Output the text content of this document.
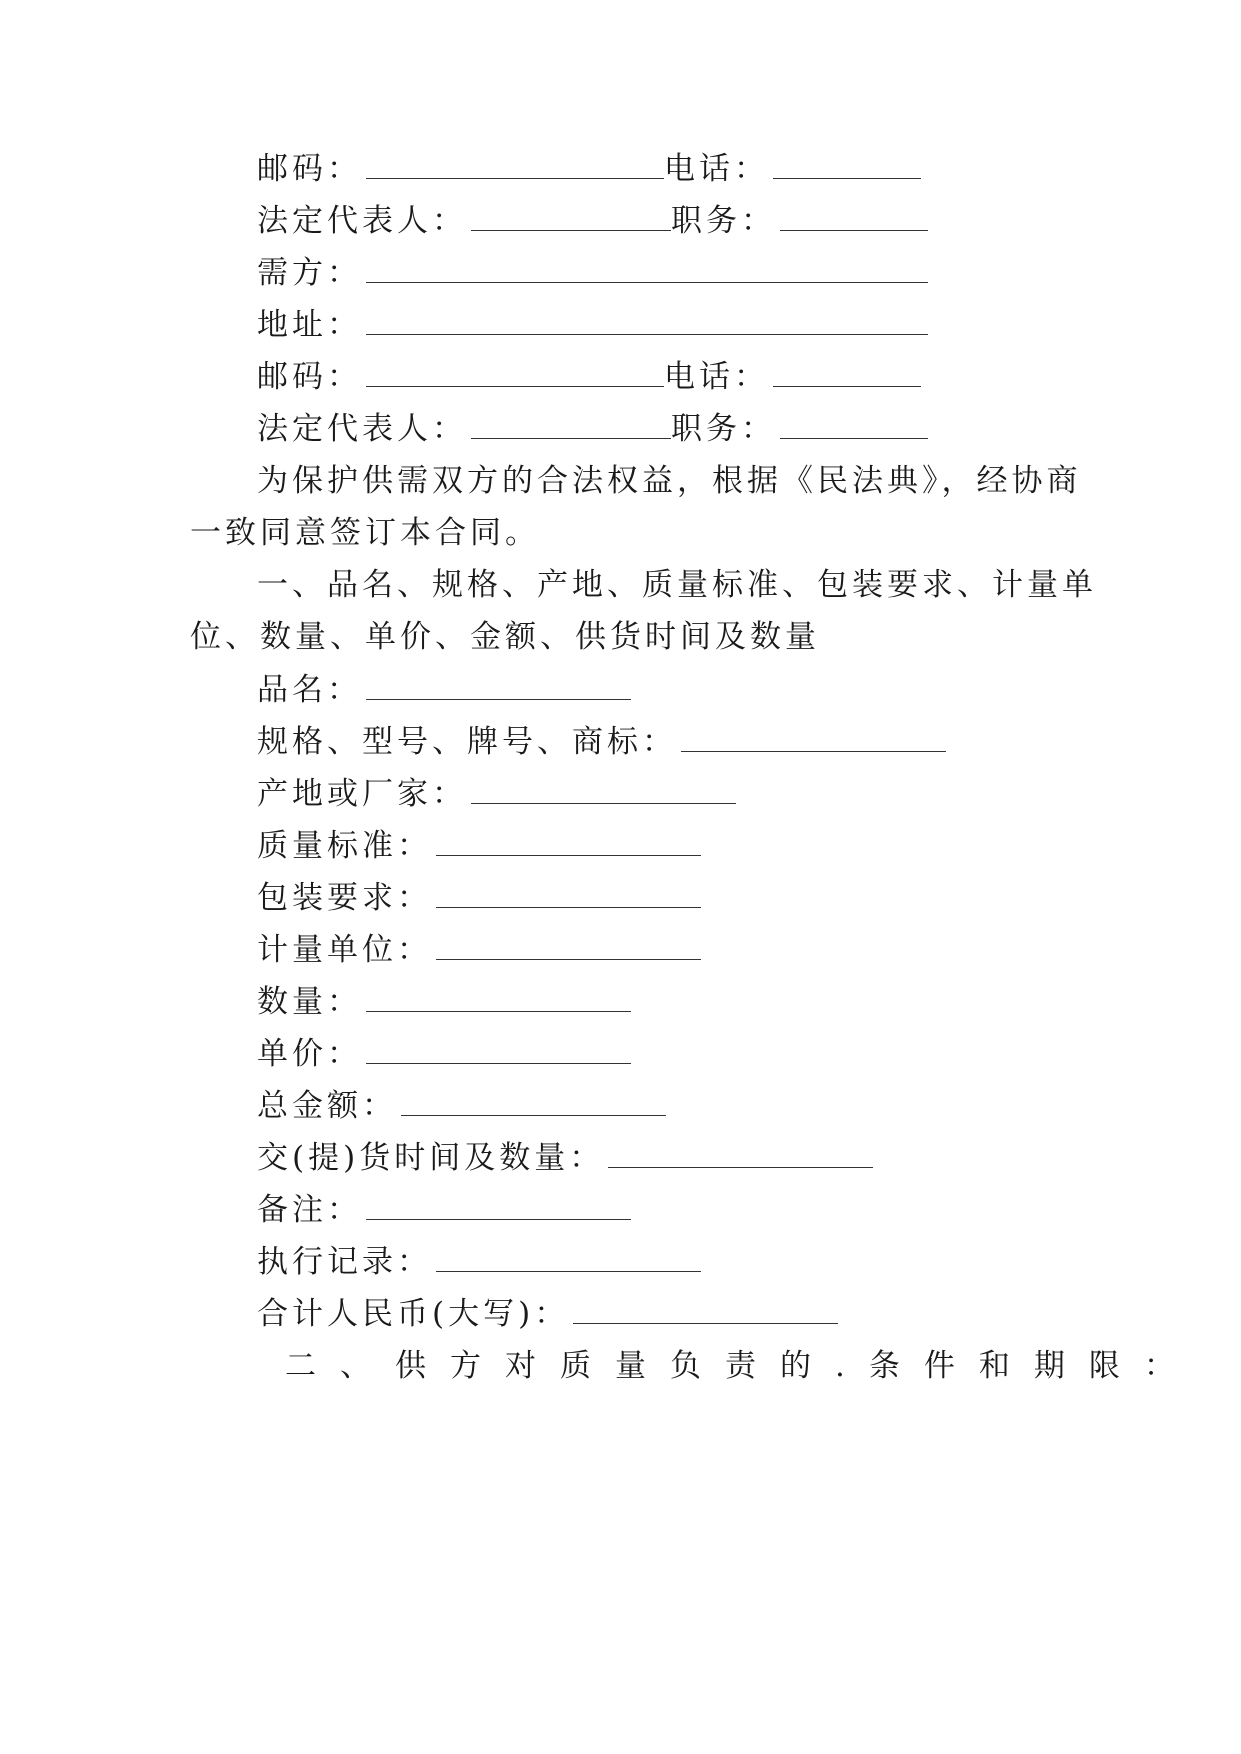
邮码：	电话：
法定代表人：	职务：
需方：
地址：
邮码：	电话：
法定代表人：	职务：
为保护供需双方的合法权益，根据《民法典》，经协商
一致同意签订本合同。
一、品名、规格、产地、质量标准、包装要求、计量单
位、数量、单价、金额、供货时间及数量
品名：
规格、型号、牌号、商标：
产地或厂家：
质量标准：
包装要求：
计量单位：
数量：
单价：
总金额：
交(提)货时间及数量：
备注：
执行记录：
合计人民币(大写)：
二、供方对质量负责的.条件和期限：
